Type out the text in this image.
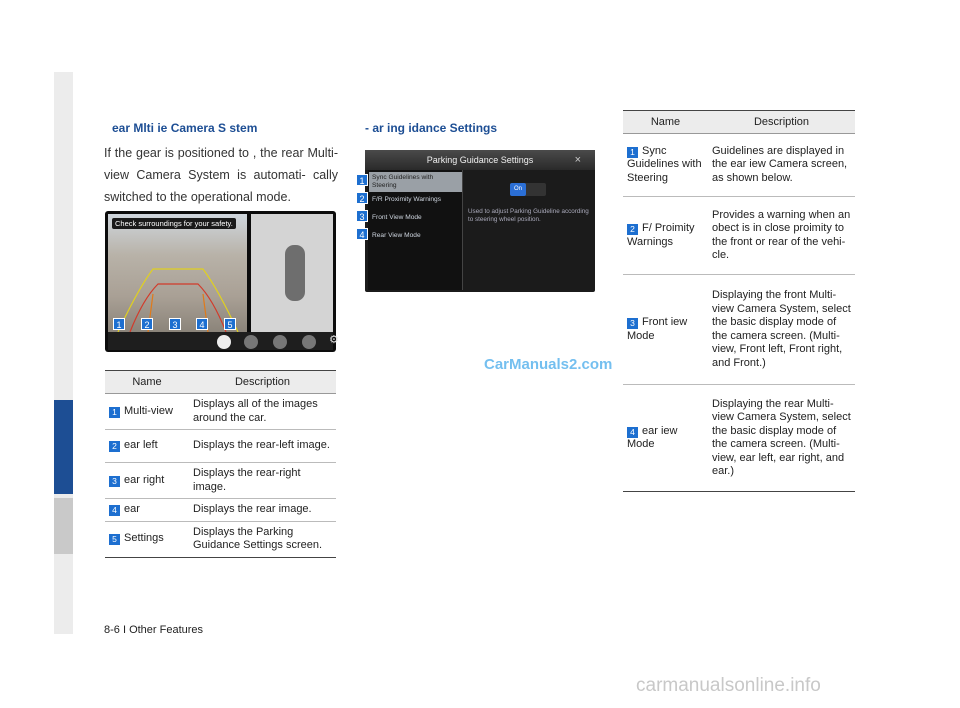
ear Mlti ie Camera S stem

If the gear is positioned to , the rear Multi-view Camera System is automati- cally switched to the operational mode.

Check surroundings for your safety.
⚙
1	2	3	4	5
Name	Description
1 Multi-view	Displays all of the images around the car.
2 ear left	Displays the rear-left image.
3 ear right	Displays the rear-right image.
4 ear	Displays the rear image.
5 Settings	Displays the Parking Guidance Settings screen.
- ar ing idance Settings
Parking Guidance Settings	×
Sync Guidelines with Steering
F/R Proximity Warnings
Front View Mode
Rear View Mode
On
Used to adjust Parking Guideline according to steering wheel position.
1
2
3
4
Name	Description
1 Sync Guidelines with Steering	Guidelines are displayed in the ear iew Camera screen, as shown below.
2 F/ Proimity Warnings	Provides a warning when an obect is in close proimity to the front or rear of the vehi- cle.
3 Front iew Mode	Displaying the front Multi-view Camera System, select the basic display mode of the camera screen. (Multi- view, Front left, Front right, and Front.)
4 ear iew Mode	Displaying the rear Multi- view Camera System, select the basic display mode of the camera screen. (Multi-view, ear left, ear right, and ear.)
CarManuals2.com
8-6 I Other Features
carmanualsonline.info
